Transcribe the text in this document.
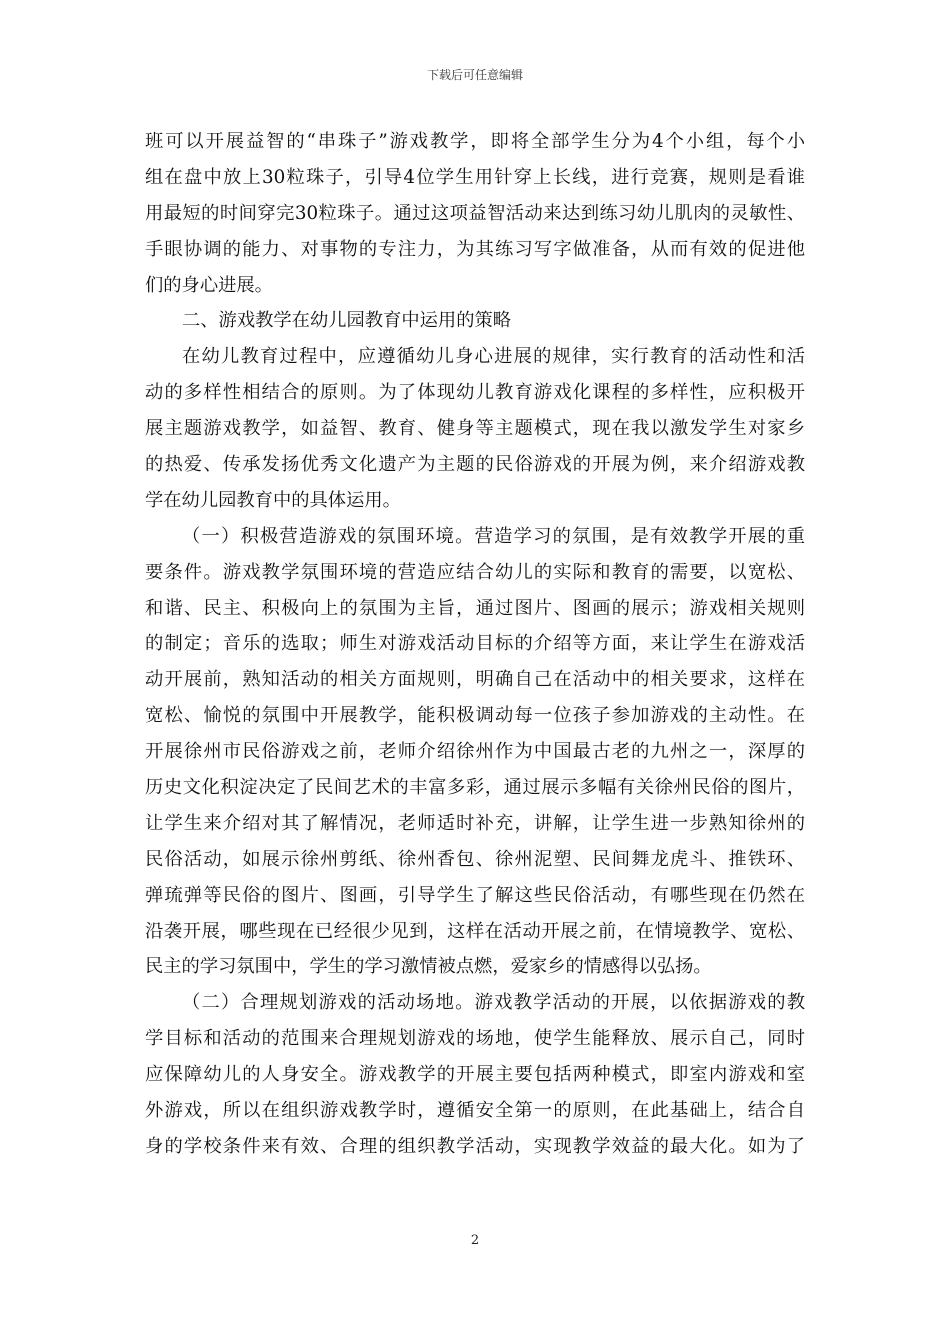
下载后可任意编辑
班可以开展益智的“串珠子”游戏教学，即将全部学生分为4个小组，每个小
组在盘中放上30粒珠子，引导4位学生用针穿上长线，进行竞赛，规则是看谁
用最短的时间穿完30粒珠子。通过这项益智活动来达到练习幼儿肌肉的灵敏性、
手眼协调的能力、对事物的专注力，为其练习写字做准备，从而有效的促进他
们的身心进展。
二、游戏教学在幼儿园教育中运用的策略
在幼儿教育过程中，应遵循幼儿身心进展的规律，实行教育的活动性和活
动的多样性相结合的原则。为了体现幼儿教育游戏化课程的多样性，应积极开
展主题游戏教学，如益智、教育、健身等主题模式，现在我以激发学生对家乡
的热爱、传承发扬优秀文化遗产为主题的民俗游戏的开展为例，来介绍游戏教
学在幼儿园教育中的具体运用。
（一）积极营造游戏的氛围环境。营造学习的氛围，是有效教学开展的重
要条件。游戏教学氛围环境的营造应结合幼儿的实际和教育的需要，以宽松、
和谐、民主、积极向上的氛围为主旨，通过图片、图画的展示；游戏相关规则
的制定；音乐的选取；师生对游戏活动目标的介绍等方面，来让学生在游戏活
动开展前，熟知活动的相关方面规则，明确自己在活动中的相关要求，这样在
宽松、愉悦的氛围中开展教学，能积极调动每一位孩子参加游戏的主动性。在
开展徐州市民俗游戏之前，老师介绍徐州作为中国最古老的九州之一，深厚的
历史文化积淀决定了民间艺术的丰富多彩，通过展示多幅有关徐州民俗的图片，
让学生来介绍对其了解情况，老师适时补充，讲解，让学生进一步熟知徐州的
民俗活动，如展示徐州剪纸、徐州香包、徐州泥塑、民间舞龙虎斗、推铁环、
弹琉弹等民俗的图片、图画，引导学生了解这些民俗活动，有哪些现在仍然在
沿袭开展，哪些现在已经很少见到，这样在活动开展之前，在情境教学、宽松、
民主的学习氛围中，学生的学习激情被点燃，爱家乡的情感得以弘扬。
（二）合理规划游戏的活动场地。游戏教学活动的开展，以依据游戏的教
学目标和活动的范围来合理规划游戏的场地，使学生能释放、展示自己，同时
应保障幼儿的人身安全。游戏教学的开展主要包括两种模式，即室内游戏和室
外游戏，所以在组织游戏教学时，遵循安全第一的原则，在此基础上，结合自
身的学校条件来有效、合理的组织教学活动，实现教学效益的最大化。如为了
2
